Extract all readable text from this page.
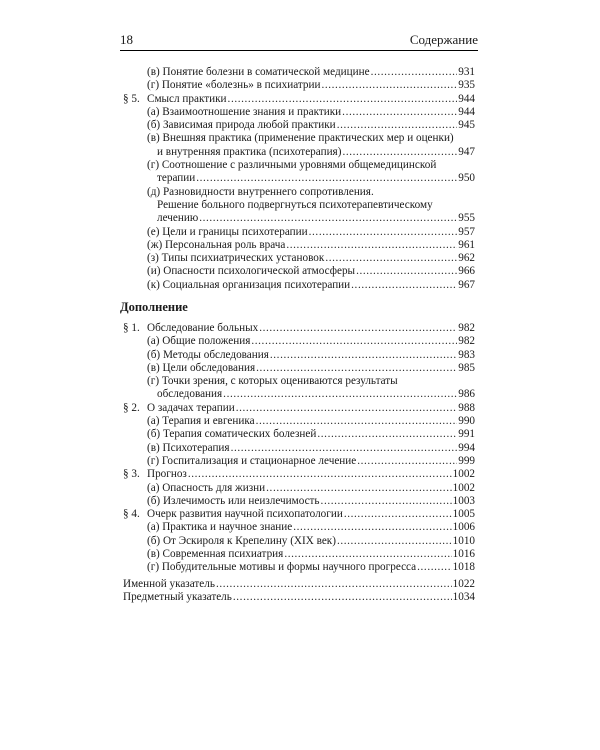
18	Содержание
(в) Понятие болезни в соматической медицине .....	931
(г) Понятие «болезнь» в психиатрии .....	935
§ 5. Смысл практики .....	944
(а) Взаимоотношение знания и практики .....	944
(б) Зависимая природа любой практики .....	945
(в) Внешняя практика (применение практических мер и оценки)
и внутренняя практика (психотерапия) .....	947
(г) Соотношение с различными уровнями общемедицинской
терапии .....	950
(д) Разновидности внутреннего сопротивления.
Решение больного подвергнуться психотерапевтическому
лечению .....	955
(е) Цели и границы психотерапии .....	957
(ж) Персональная роль врача .....	961
(з) Типы психиатрических установок .....	962
(и) Опасности психологической атмосферы .....	966
(к) Социальная организация психотерапии .....	967
Дополнение
§ 1. Обследование больных .....	982
(а) Общие положения .....	982
(б) Методы обследования .....	983
(в) Цели обследования .....	985
(г) Точки зрения, с которых оцениваются результаты
обследования .....	986
§ 2. О задачах терапии .....	988
(а) Терапия и евгеника .....	990
(б) Терапия соматических болезней .....	991
(в) Психотерапия .....	994
(г) Госпитализация и стационарное лечение .....	999
§ 3. Прогноз .....	1002
(а) Опасность для жизни .....	1002
(б) Излечимость или неизлечимость .....	1003
§ 4. Очерк развития научной психопатологии .....	1005
(а) Практика и научное знание .....	1006
(б) От Эскироля к Крепелину (XIX век) .....	1010
(в) Современная психиатрия .....	1016
(г) Побудительные мотивы и формы научного прогресса .....	1018
Именной указатель .....	1022
Предметный указатель .....	1034
